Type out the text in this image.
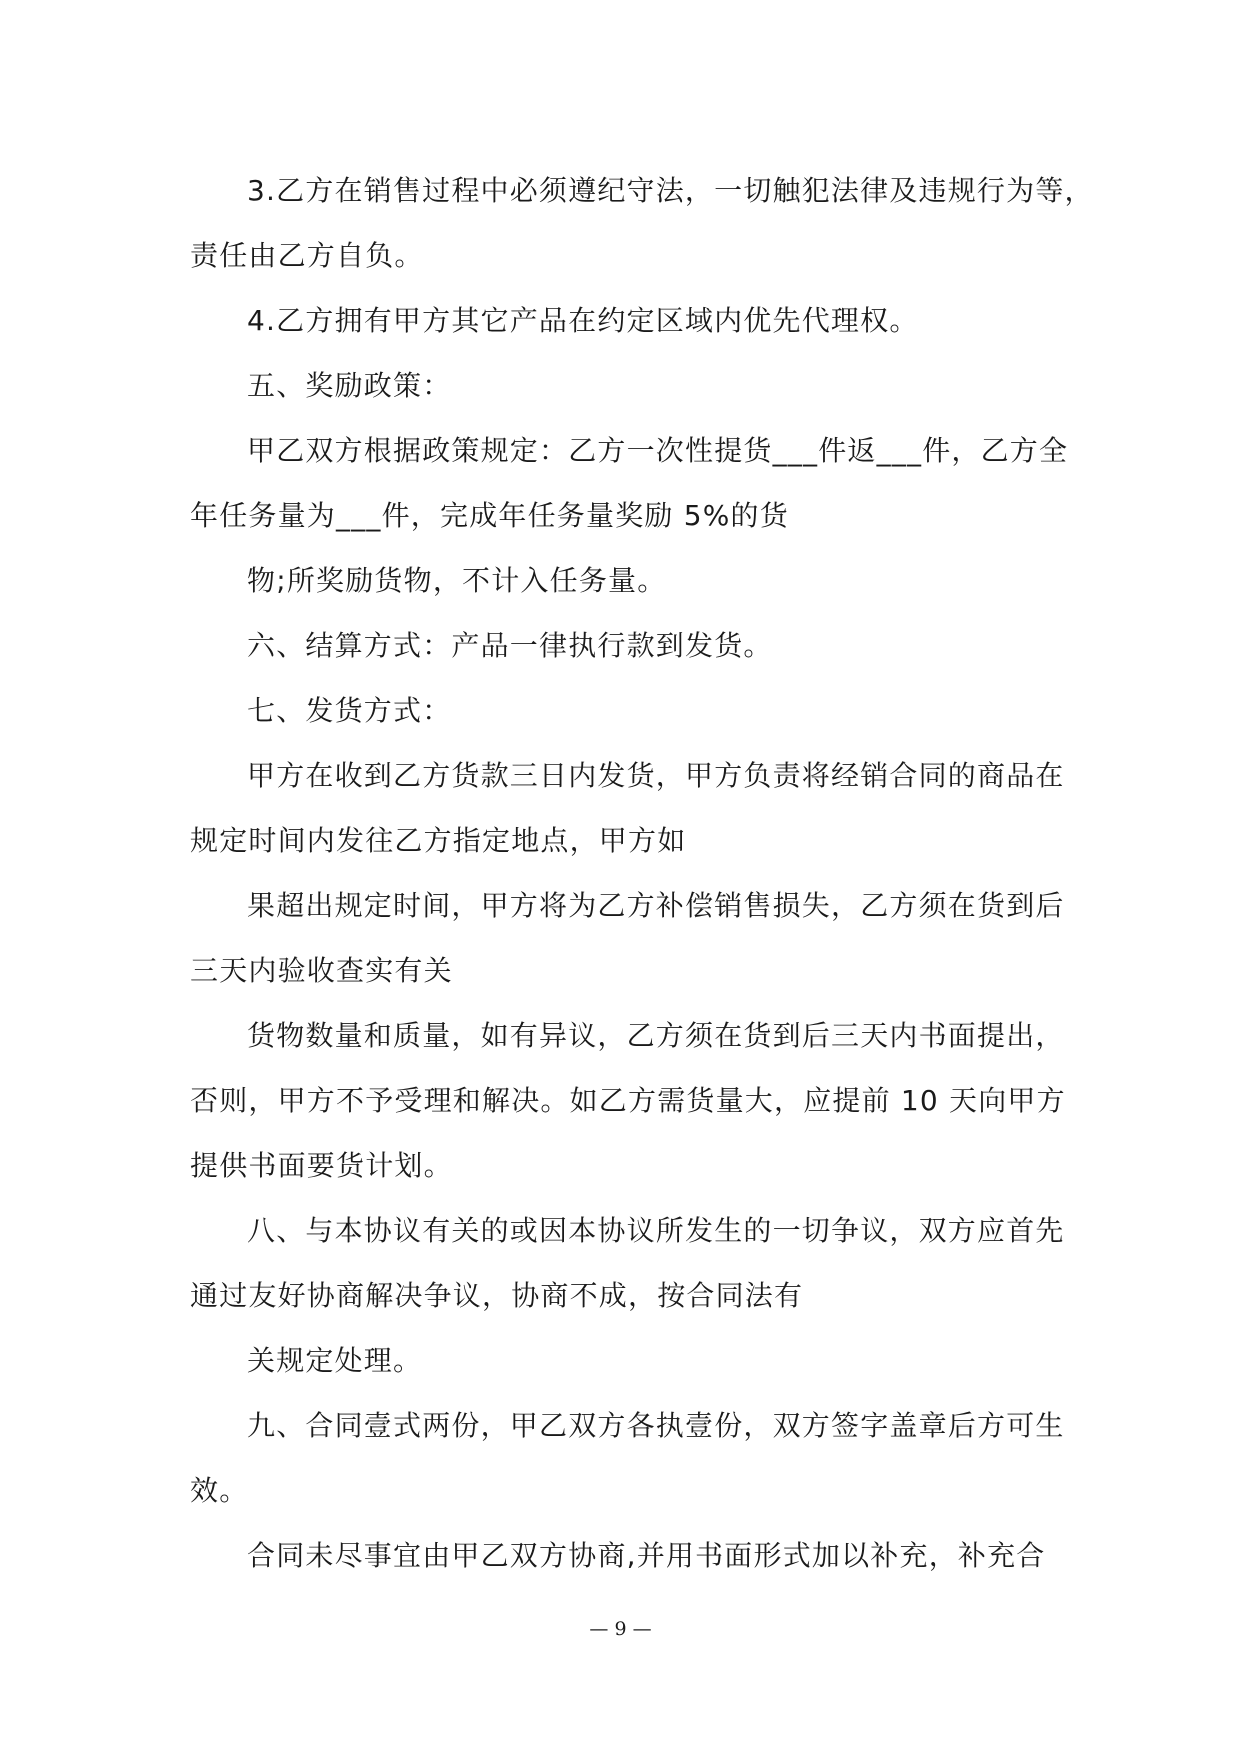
3.乙方在销售过程中必须遵纪守法，一切触犯法律及违规行为等，

责任由乙方自负。

4.乙方拥有甲方其它产品在约定区域内优先代理权。

五、奖励政策：

甲乙双方根据政策规定：乙方一次性提货___件返___件，乙方全

年任务量为___件，完成年任务量奖励 5%的货

物;所奖励货物，不计入任务量。

六、结算方式：产品一律执行款到发货。

七、发货方式：

甲方在收到乙方货款三日内发货，甲方负责将经销合同的商品在

规定时间内发往乙方指定地点，甲方如

果超出规定时间，甲方将为乙方补偿销售损失，乙方须在货到后

三天内验收查实有关

货物数量和质量，如有异议，乙方须在货到后三天内书面提出，

否则，甲方不予受理和解决。如乙方需货量大，应提前 10 天向甲方

提供书面要货计划。

八、与本协议有关的或因本协议所发生的一切争议，双方应首先

通过友好协商解决争议，协商不成，按合同法有

关规定处理。

九、合同壹式两份，甲乙双方各执壹份，双方签字盖章后方可生

效。

合同未尽事宜由甲乙双方协商,并用书面形式加以补充，补充合

— 9 —
